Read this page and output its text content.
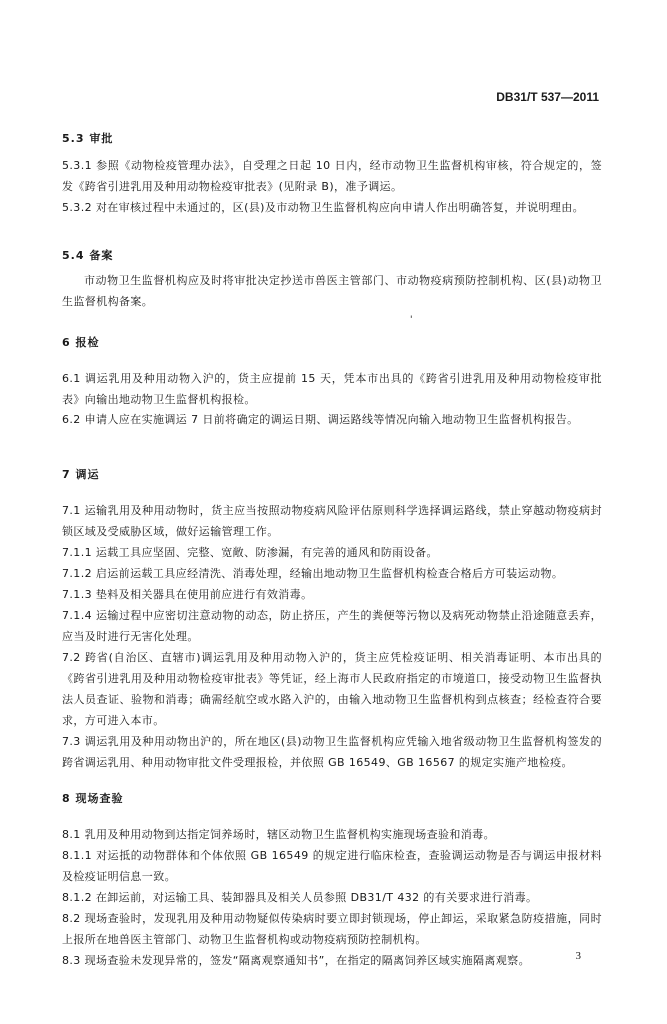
DB31/T 537—2011
5.3 审批
5.3.1 参照《动物检疫管理办法》，自受理之日起 10 日内，经市动物卫生监督机构审核，符合规定的，签发《跨省引进乳用及种用动物检疫审批表》(见附录 B)，准予调运。
5.3.2 对在审核过程中未通过的，区(县)及市动物卫生监督机构应向申请人作出明确答复，并说明理由。
5.4 备案
市动物卫生监督机构应及时将审批决定抄送市兽医主管部门、市动物疫病预防控制机构、区(县)动物卫生监督机构备案。
'
6 报检
6.1 调运乳用及种用动物入沪的，货主应提前 15 天，凭本市出具的《跨省引进乳用及种用动物检疫审批表》向输出地动物卫生监督机构报检。
6.2 申请人应在实施调运 7 日前将确定的调运日期、调运路线等情况向输入地动物卫生监督机构报告。
7 调运
7.1 运输乳用及种用动物时，货主应当按照动物疫病风险评估原则科学选择调运路线，禁止穿越动物疫病封锁区域及受威胁区域，做好运输管理工作。
7.1.1 运载工具应坚固、完整、宽敞、防渗漏，有完善的通风和防雨设备。
7.1.2 启运前运载工具应经清洗、消毒处理，经输出地动物卫生监督机构检查合格后方可装运动物。
7.1.3 垫料及相关器具在使用前应进行有效消毒。
7.1.4 运输过程中应密切注意动物的动态，防止挤压，产生的粪便等污物以及病死动物禁止沿途随意丢弃，应当及时进行无害化处理。
7.2 跨省(自治区、直辖市)调运乳用及种用动物入沪的，货主应凭检疫证明、相关消毒证明、本市出具的《跨省引进乳用及种用动物检疫审批表》等凭证，经上海市人民政府指定的市境道口，接受动物卫生监督执法人员查证、验物和消毒；确需经航空或水路入沪的，由输入地动物卫生监督机构到点核查；经检查符合要求，方可进入本市。
7.3 调运乳用及种用动物出沪的，所在地区(县)动物卫生监督机构应凭输入地省级动物卫生监督机构签发的跨省调运乳用、种用动物审批文件受理报检，并依照 GB 16549、GB 16567 的规定实施产地检疫。
8 现场查验
8.1 乳用及种用动物到达指定饲养场时，辖区动物卫生监督机构实施现场查验和消毒。
8.1.1 对运抵的动物群体和个体依照 GB 16549 的规定进行临床检查，查验调运动物是否与调运申报材料及检疫证明信息一致。
8.1.2 在卸运前，对运输工具、装卸器具及相关人员参照 DB31/T 432 的有关要求进行消毒。
8.2 现场查验时，发现乳用及种用动物疑似传染病时要立即封锁现场，停止卸运，采取紧急防疫措施，同时上报所在地兽医主管部门、动物卫生监督机构或动物疫病预防控制机构。
8.3 现场查验未发现异常的，签发“隔离观察通知书”，在指定的隔离饲养区域实施隔离观察。	3
